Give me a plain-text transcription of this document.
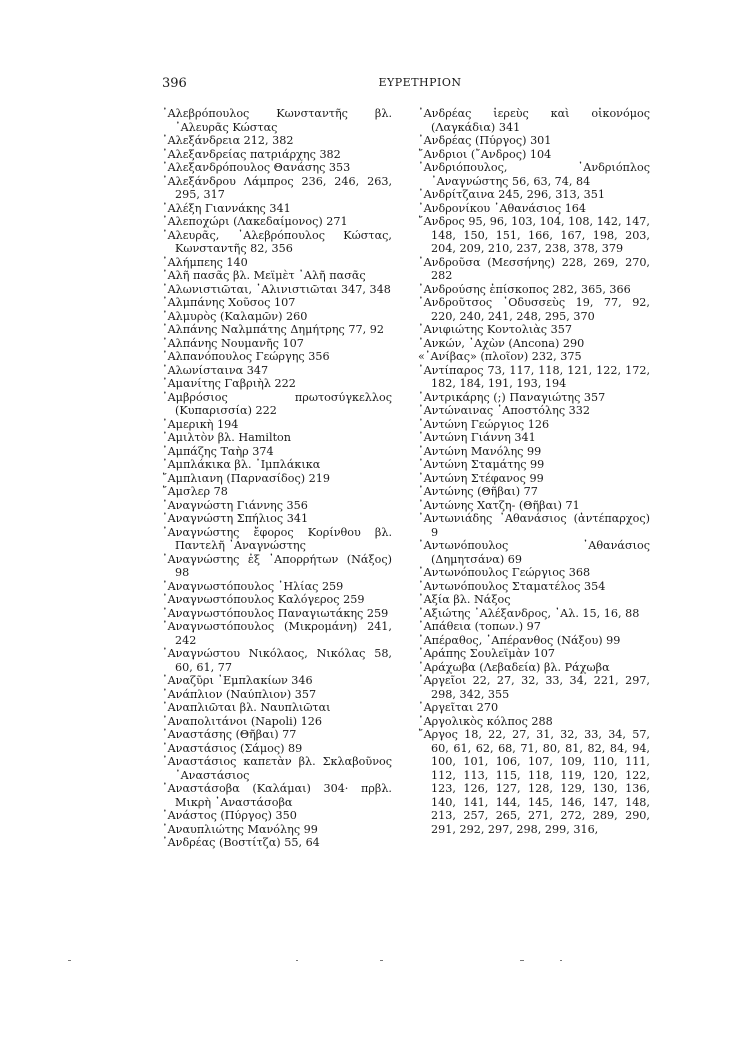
396	ΕΥΡΕΤΗΡΙΟΝ

᾿Αλεβρόπουλος Κωνσταντῆς βλ. ᾿Αλευρᾶς Κώστας

᾿Αλεξάνδρεια 212, 382

᾿Αλεξανδρείας πατριάρχης 382

᾿Αλεξανδρόπουλος Θανάσης 353

᾿Αλεξάνδρου Λάμπρος 236, 246, 263, 295, 317

᾿Αλέξη Γιαννάκης 341

᾿Αλεποχώρι (Λακεδαίμονος) 271

᾿Αλευρᾶς, ᾿Αλεβρόπουλος Κώστας, Κωνσταντῆς 82, 356

᾿Αλήμπεης 140

᾿Αλῆ πασᾶς βλ. Μεϊμὲτ ᾿Αλῆ πασᾶς

᾿Αλωνιστιῶται, ᾿Αλινιστιῶται 347, 348

᾿Αλμπάνης Χοῦσος 107

᾿Αλμυρὸς (Καλαμῶν) 260

᾿Αλπάνης Ναλμπάτης Δημήτρης 77, 92

᾿Αλπάνης Νουμανῆς 107

᾿Αλπανόπουλος Γεώργης 356

᾿Αλωνίσταινα 347

᾿Αμανίτης Γαβριὴλ 222

᾿Αμβρόσιος πρωτοσύγκελλος (Κυπαρισσία) 222

᾿Αμερικὴ 194

᾿Αμιλτὸν βλ. Hamilton

᾿Αμπάζης Ταὴρ 374

᾿Αμπλάκικα βλ. ᾿Ιμπλάκικα

῎Αμπλιανη (Παρνασίδος) 219

῎Αμσλερ 78

᾿Αναγνώστη Γιάννης 356

᾿Αναγνώστη Σπήλιος 341

᾿Αναγνώστης ἔφορος Κορίνθου βλ. Παντελῆ ᾿Αναγνώστης

᾿Αναγνώστης ἐξ ᾿Απορρήτων (Νάξος) 98

᾿Αναγνωστόπουλος ᾿Ηλίας 259

᾿Αναγνωστόπουλος Καλόγερος 259

᾿Αναγνωστόπουλος Παναγιωτάκης 259

᾿Αναγνωστόπουλος (Μικρομάνη) 241, 242

᾿Αναγνώστου Νικόλαος, Νικόλας 58, 60, 61, 77

᾿Αναζῦρι ᾿Εμπλακίων 346

᾿Ανάπλιον (Ναύπλιον) 357

᾿Αναπλιῶται βλ. Ναυπλιῶται

᾿Αναπολιτάνοι (Napoli) 126

᾿Αναστάσης (Θῆβαι) 77

᾿Αναστάσιος (Σάμος) 89

᾿Αναστάσιος καπετὰν βλ. Σκλαβοῦνος ᾿Αναστάσιος

᾿Αναστάσοβα (Καλάμαι) 304· πρβλ. Μικρὴ ᾿Αναστάσοβα

᾿Ανάστος (Πύργος) 350

᾿Αναυπλιώτης Μανόλης 99

᾿Ανδρέας (Βοστίτζα) 55, 64

᾿Ανδρέας ἱερεὺς καὶ οἰκονόμος (Λαγκάδια) 341

᾿Ανδρέας (Πύργος) 301

῎Ανδριοι (῎Ανδρος) 104

᾿Ανδριόπουλος, ᾿Ανδριόπλος ᾿Αναγνώστης 56, 63, 74, 84

᾿Ανδρίτζαινα 245, 296, 313, 351

᾿Ανδρονίκου ᾿Αθανάσιος 164

῎Ανδρος 95, 96, 103, 104, 108, 142, 147, 148, 150, 151, 166, 167, 198, 203, 204, 209, 210, 237, 238, 378, 379

᾿Ανδροῦσα (Μεσσήνης) 228, 269, 270, 282

᾿Ανδρούσης ἐπίσκοπος 282, 365, 366

᾿Ανδροῦτσος ᾿Οδυσσεὺς 19, 77, 92, 220, 240, 241, 248, 295, 370

᾿Ανιφιώτης Κοντολιὰς 357

᾿Ανκών, ᾿Αχὼν (Ancona) 290

«᾿Ανίβας» (πλοῖον) 232, 375

᾿Αντίπαρος 73, 117, 118, 121, 122, 172, 182, 184, 191, 193, 194

᾿Αντρικάρης (;) Παναγιώτης 357

᾿Αντώναινας ᾿Αποστόλης 332

᾿Αντώνη Γεώργιος 126

᾿Αντώνη Γιάννη 341

᾿Αντώνη Μανόλης 99

᾿Αντώνη Σταμάτης 99

᾿Αντώνη Στέφανος 99

᾿Αντώνης (Θῆβαι) 77

᾿Αντώνης Χατζη- (Θῆβαι) 71

᾿Αντωνιάδης ᾿Αθανάσιος (ἀντέπαρχος) 9

᾿Αντωνόπουλος ᾿Αθανάσιος (Δημητσάνα) 69

᾿Αντωνόπουλος Γεώργιος 368

᾿Αντωνόπουλος Σταματέλος 354

᾿Αξία βλ. Νάξος

᾿Αξιώτης ᾿Αλέξανδρος, ᾿Αλ. 15, 16, 88

᾿Απάθεια (τοπων.) 97

᾿Απέραθος, ᾿Απέρανθος (Νάξου) 99

᾿Αράπης Σουλεϊμὰν 107

᾿Αράχωβα (Λεβαδεία) βλ. Ράχωβα

᾿Αργεῖοι 22, 27, 32, 33, 34, 221, 297, 298, 342, 355

᾿Αργεῖται 270

᾿Αργολικὸς κόλπος 288

῎Αργος 18, 22, 27, 31, 32, 33, 34, 57, 60, 61, 62, 68, 71, 80, 81, 82, 84, 94, 100, 101, 106, 107, 109, 110, 111, 112, 113, 115, 118, 119, 120, 122, 123, 126, 127, 128, 129, 130, 136, 140, 141, 144, 145, 146, 147, 148, 213, 257, 265, 271, 272, 289, 290, 291, 292, 297, 298, 299, 316,
